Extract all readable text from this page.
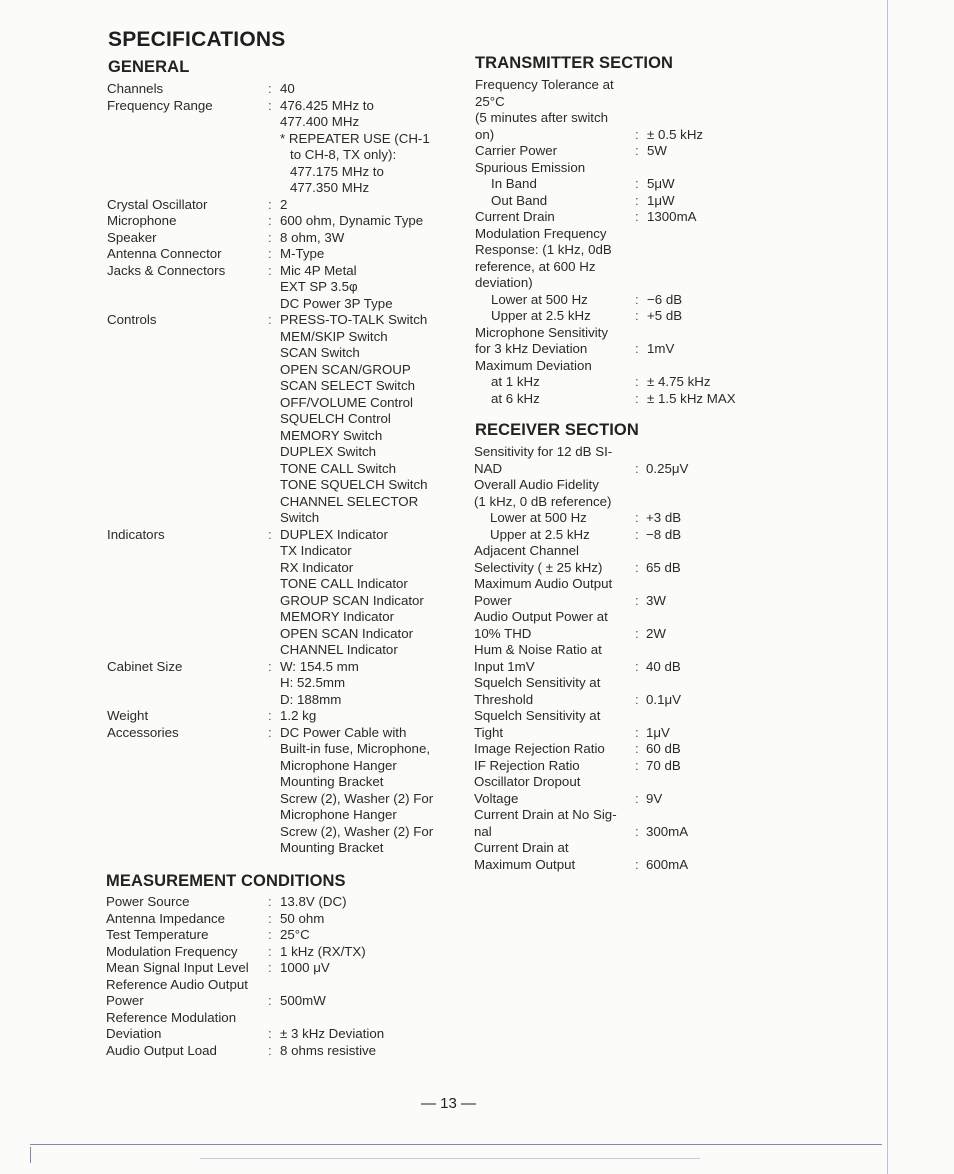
SPECIFICATIONS
GENERAL
Channels	: 40
Frequency Range	: 476.425 MHz to
477.400 MHz
* REPEATER USE (CH-1
to CH-8, TX only):
477.175 MHz to
477.350 MHz
Crystal Oscillator	: 2
Microphone	: 600 ohm, Dynamic Type
Speaker	: 8 ohm, 3W
Antenna Connector	: M-Type
Jacks & Connectors	: Mic 4P Metal
EXT SP 3.5φ
DC Power 3P Type
Controls	: PRESS-TO-TALK Switch
MEM/SKIP Switch
SCAN Switch
OPEN SCAN/GROUP
SCAN SELECT Switch
OFF/VOLUME Control
SQUELCH Control
MEMORY Switch
DUPLEX Switch
TONE CALL Switch
TONE SQUELCH Switch
CHANNEL SELECTOR
Switch
Indicators	: DUPLEX Indicator
TX Indicator
RX Indicator
TONE CALL Indicator
GROUP SCAN Indicator
MEMORY Indicator
OPEN SCAN Indicator
CHANNEL Indicator
Cabinet Size	: W: 154.5 mm
H: 52.5mm
D: 188mm
Weight	: 1.2 kg
Accessories	: DC Power Cable with
Built-in fuse, Microphone,
Microphone Hanger
Mounting Bracket
Screw (2), Washer (2) For
Microphone Hanger
Screw (2), Washer (2) For
Mounting Bracket
MEASUREMENT CONDITIONS
Power Source	: 13.8V (DC)
Antenna Impedance	: 50 ohm
Test Temperature	: 25°C
Modulation Frequency : 1 kHz (RX/TX)
Mean Signal Input Level : 1000 μV
Reference Audio Output
Power	: 500mW
Reference Modulation
Deviation	: ± 3 kHz Deviation
Audio Output Load	: 8 ohms resistive
TRANSMITTER SECTION
Frequency Tolerance at
25°C
(5 minutes after switch
on)	: ± 0.5 kHz
Carrier Power	: 5W
Spurious Emission
In Band	: 5μW
Out Band	: 1μW
Current Drain	: 1300mA
Modulation Frequency
Response: (1 kHz, 0dB
reference, at 600 Hz
deviation)
Lower at 500 Hz	: −6 dB
Upper at 2.5 kHz	: +5 dB
Microphone Sensitivity
for 3 kHz Deviation	: 1mV
Maximum Deviation
at 1 kHz	: ± 4.75 kHz
at 6 kHz	: ± 1.5 kHz MAX
RECEIVER SECTION
Sensitivity for 12 dB SI-
NAD	: 0.25μV
Overall Audio Fidelity
(1 kHz, 0 dB reference)
Lower at 500 Hz	: +3 dB
Upper at 2.5 kHz	: −8 dB
Adjacent Channel
Selectivity ( ± 25 kHz) : 65 dB
Maximum Audio Output
Power	: 3W
Audio Output Power at
10% THD	: 2W
Hum & Noise Ratio at
Input 1mV	: 40 dB
Squelch Sensitivity at
Threshold	: 0.1μV
Squelch Sensitivity at
Tight	: 1μV
Image Rejection Ratio : 60 dB
IF Rejection Ratio	: 70 dB
Oscillator Dropout
Voltage	: 9V
Current Drain at No Sig-
nal	: 300mA
Current Drain at
Maximum Output	: 600mA
— 13 —
